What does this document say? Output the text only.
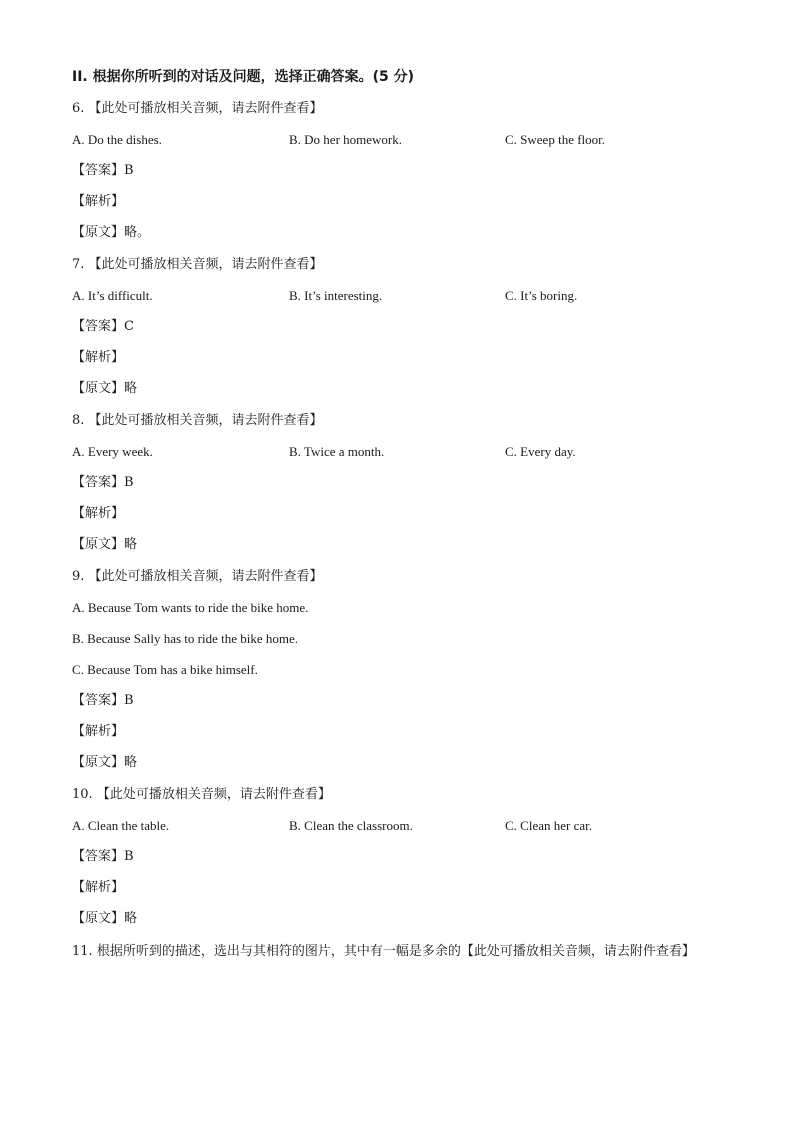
II. 根据你所听到的对话及问题，选择正确答案。(5 分)
6. 【此处可播放相关音频，请去附件查看】
A. Do the dishes.	B. Do her homework.	C. Sweep the floor.
【答案】B
【解析】
【原文】略。
7. 【此处可播放相关音频，请去附件查看】
A. It’s difficult.	B. It’s interesting.	C. It’s boring.
【答案】C
【解析】
【原文】略
8. 【此处可播放相关音频，请去附件查看】
A. Every week.	B. Twice a month.	C. Every day.
【答案】B
【解析】
【原文】略
9. 【此处可播放相关音频，请去附件查看】
A. Because Tom wants to ride the bike home.
B. Because Sally has to ride the bike home.
C. Because Tom has a bike himself.
【答案】B
【解析】
【原文】略
10. 【此处可播放相关音频，请去附件查看】
A. Clean the table.	B. Clean the classroom.	C. Clean her car.
【答案】B
【解析】
【原文】略
11. 根据所听到的描述，选出与其相符的图片，其中有一幅是多余的【此处可播放相关音频，请去附件查看】
